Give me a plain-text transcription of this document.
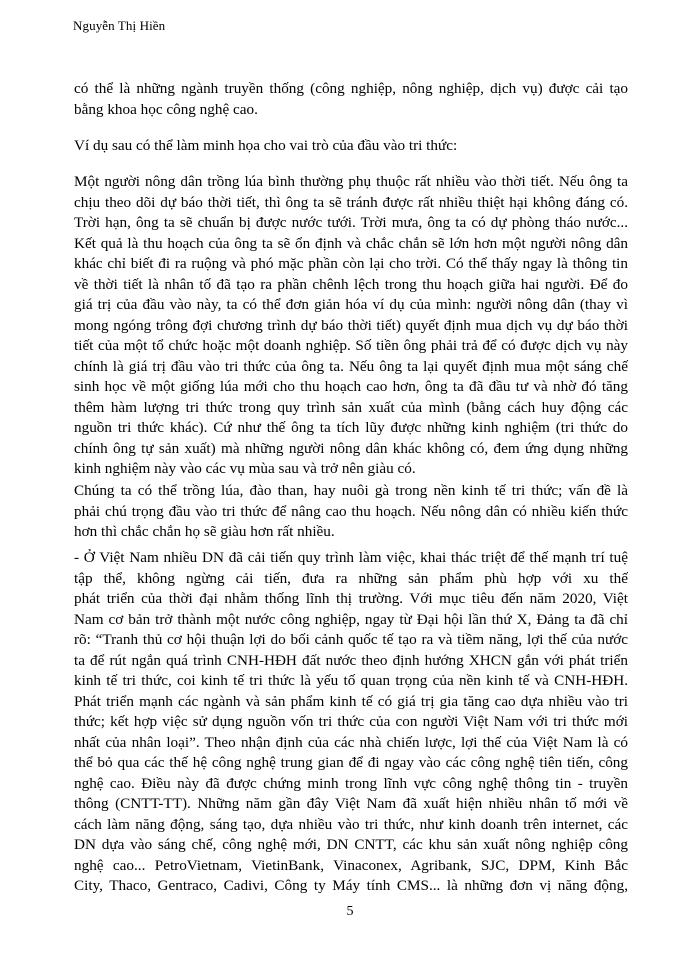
Nguyễn Thị Hiền
có thể là những ngành truyền thống (công nghiệp, nông nghiệp, dịch vụ) được cải tạo
bằng khoa học công nghệ cao.
Ví dụ sau có thể làm minh họa cho vai trò của đầu vào tri thức:
Một người nông dân trồng lúa bình thường phụ thuộc rất nhiều vào thời tiết. Nếu ông ta
chịu theo dõi dự báo thời tiết, thì ông ta sẽ tránh được rất nhiều thiệt hại không đáng có.
Trời hạn, ông ta sẽ chuẩn bị được nước tưới. Trời mưa, ông ta có dự phòng tháo nước...
Kết quả là thu hoạch của ông ta sẽ ổn định và chắc chắn sẽ lớn hơn một người nông dân
khác chỉ biết đi ra ruộng và phó mặc phần còn lại cho trời. Có thể thấy ngay là thông tin
về thời tiết là nhân tố đã tạo ra phần chênh lệch trong thu hoạch giữa hai người. Để đo
giá trị của đầu vào này, ta có thể đơn giản hóa ví dụ của mình: người nông dân (thay vì
mong ngóng trông đợi chương trình dự báo thời tiết) quyết định mua dịch vụ dự báo thời
tiết của một tổ chức hoặc một doanh nghiệp. Số tiền ông phải trả để có được dịch vụ này
chính là giá trị đầu vào tri thức của ông ta. Nếu ông ta lại quyết định mua một sáng chế
sinh học về một giống lúa mới cho thu hoạch cao hơn, ông ta đã đầu tư và nhờ đó tăng
thêm hàm lượng tri thức trong quy trình sản xuất của mình (bằng cách huy động các
nguồn tri thức khác). Cứ như thế ông ta tích lũy được những kinh nghiệm (tri thức do
chính ông tự sản xuất) mà những người nông dân khác không có, đem ứng dụng những
kinh nghiệm này vào các vụ mùa sau và trở nên giàu có.
Chúng ta có thể trồng lúa, đào than, hay nuôi gà trong nền kinh tế tri thức; vấn đề là
phải chú trọng đầu vào tri thức để nâng cao thu hoạch. Nếu nông dân có nhiều kiến thức
hơn thì chắc chắn họ sẽ giàu hơn rất nhiều.
- Ở Việt Nam nhiều DN đã cải tiến quy trình làm việc, khai thác triệt để thế mạnh trí tuệ
tập thể, không ngừng cải tiến, đưa ra những sản phẩm phù hợp với xu thế
phát triển của thời đại nhằm thống lĩnh thị trường. Với mục tiêu đến năm 2020, Việt
Nam cơ bản trở thành một nước công nghiệp, ngay từ Đại hội lần thứ X, Đảng ta đã chỉ
rõ: “Tranh thủ cơ hội thuận lợi do bối cảnh quốc tế tạo ra và tiềm năng, lợi thế của nước
ta để rút ngắn quá trình CNH-HĐH đất nước theo định hướng XHCN gắn với phát triển
kinh tế tri thức, coi kinh tế tri thức là yếu tố quan trọng của nền kinh tế và CNH-HĐH.
Phát triển mạnh các ngành và sản phẩm kinh tế có giá trị gia tăng cao dựa nhiều vào tri
thức; kết hợp việc sử dụng nguồn vốn tri thức của con người Việt Nam với tri thức mới
nhất của nhân loại”. Theo nhận định của các nhà chiến lược, lợi thế của Việt Nam là có
thể bỏ qua các thế hệ công nghệ trung gian để đi ngay vào các công nghệ tiên tiến, công
nghệ cao. Điều này đã được chứng minh trong lĩnh vực công nghệ thông tin - truyền
thông (CNTT-TT). Những năm gần đây Việt Nam đã xuất hiện nhiều nhân tố mới về
cách làm năng động, sáng tạo, dựa nhiều vào tri thức, như kinh doanh trên internet, các
DN dựa vào sáng chế, công nghệ mới, DN CNTT, các khu sản xuất nông nghiệp công
nghệ cao... PetroVietnam, VietinBank, Vinaconex, Agribank, SJC, DPM, Kinh Bắc
City, Thaco, Gentraco, Cadivi, Công ty Máy tính CMS... là những đơn vị năng động,
5
